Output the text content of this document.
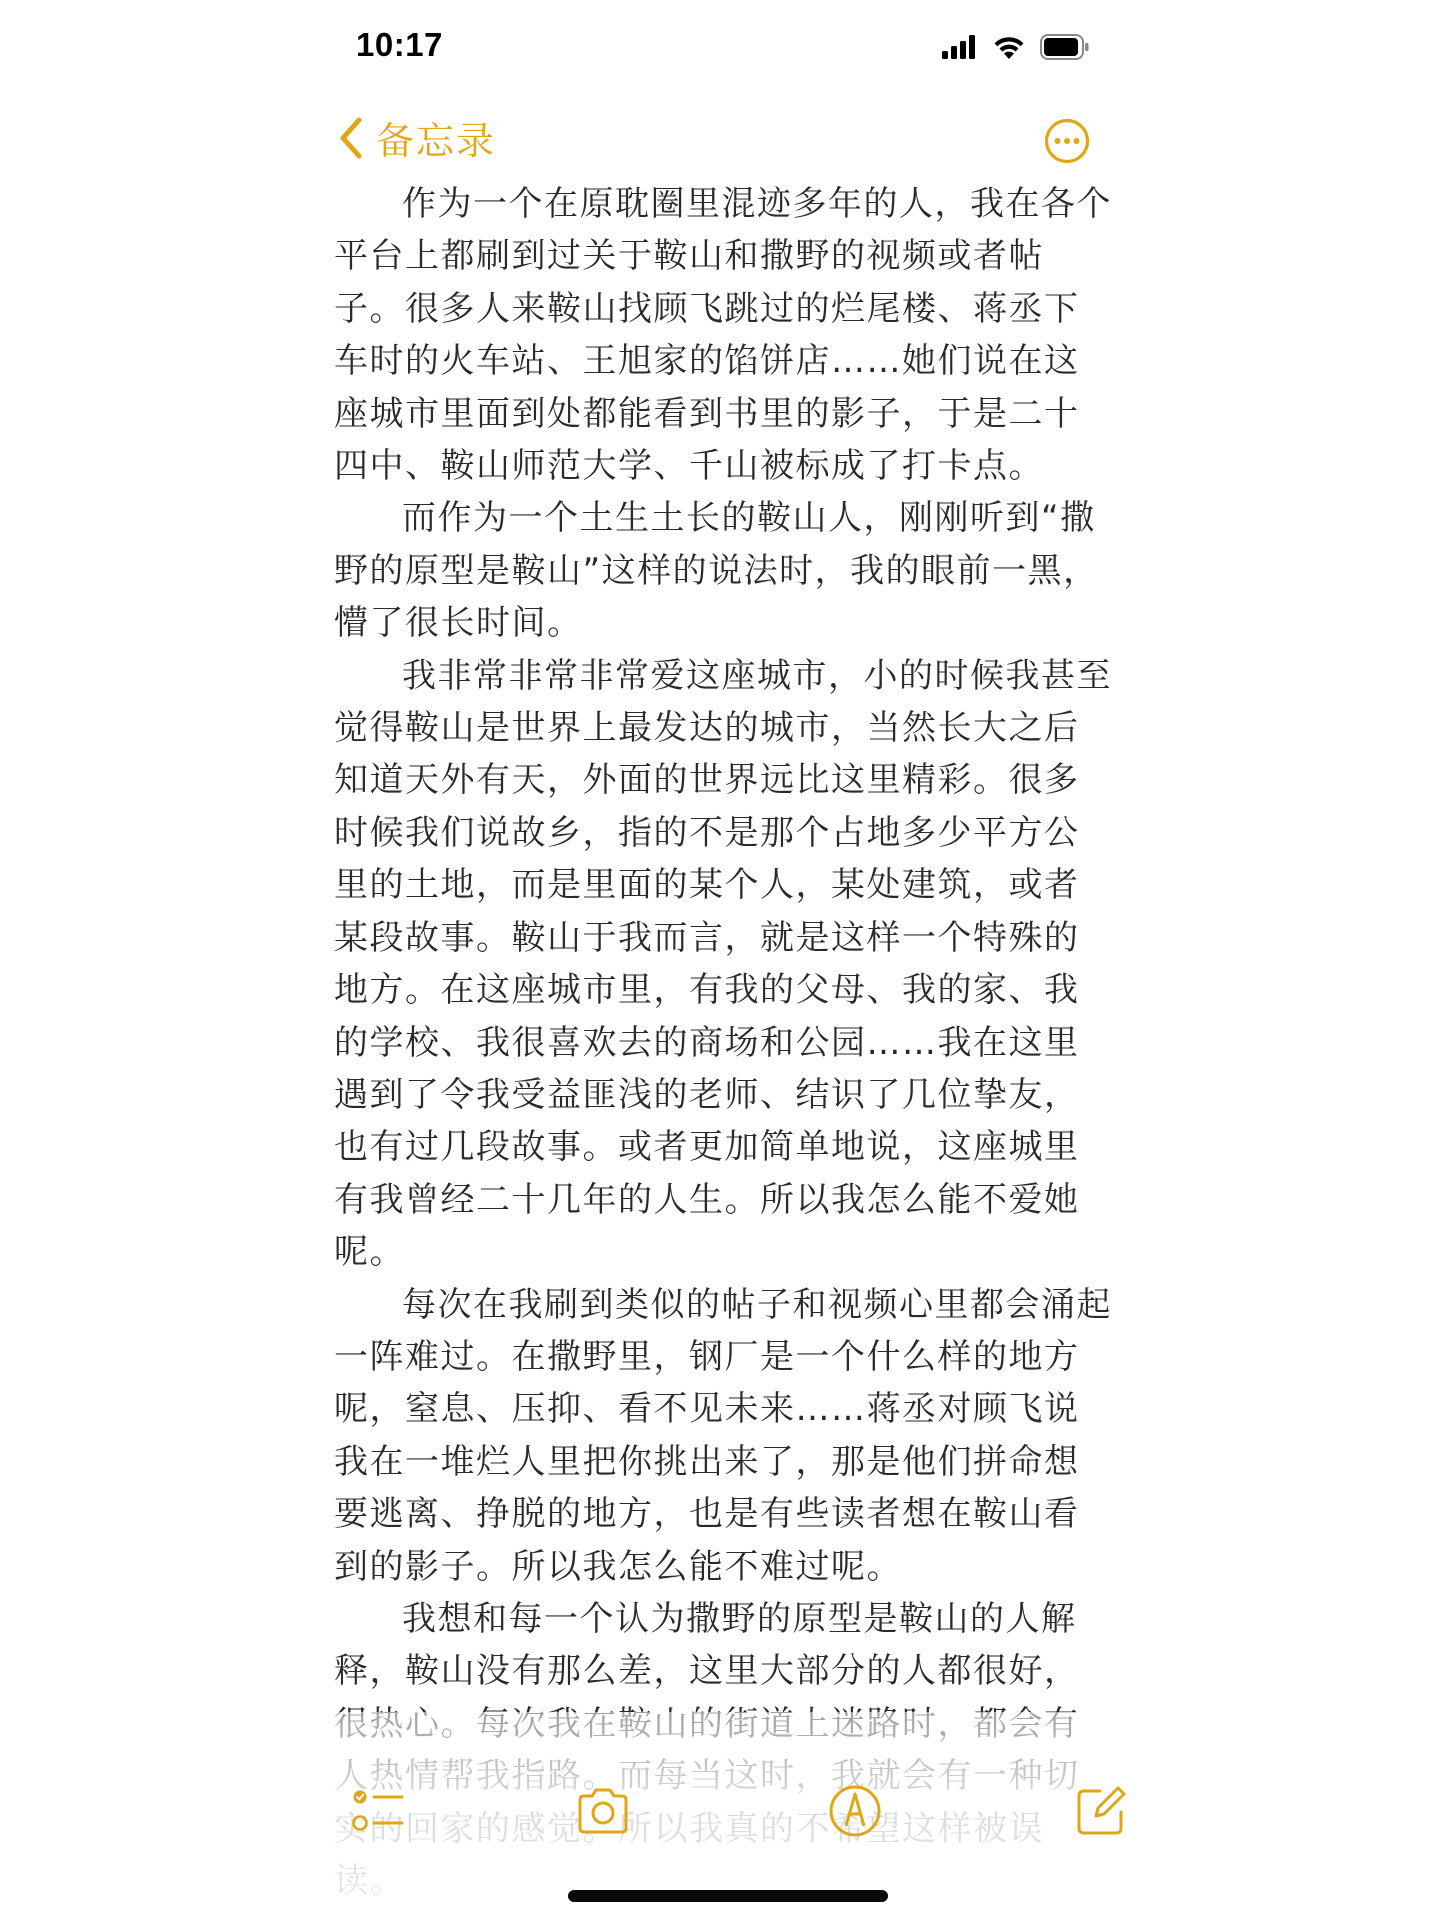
10:17
备忘录

作为一个在原耽圈里混迹多年的人，我在各个平台上都刷到过关于鞍山和撒野的视频或者帖子。很多人来鞍山找顾飞跳过的烂尾楼、蒋丞下车时的火车站、王旭家的馅饼店……她们说在这座城市里面到处都能看到书里的影子，于是二十四中、鞍山师范大学、千山被标成了打卡点。

而作为一个土生土长的鞍山人，刚刚听到“撒野的原型是鞍山”这样的说法时，我的眼前一黑，懵了很长时间。

我非常非常非常爱这座城市，小的时候我甚至觉得鞍山是世界上最发达的城市，当然长大之后知道天外有天，外面的世界远比这里精彩。很多时候我们说故乡，指的不是那个占地多少平方公里的土地，而是里面的某个人，某处建筑，或者某段故事。鞍山于我而言，就是这样一个特殊的地方。在这座城市里，有我的父母、我的家、我的学校、我很喜欢去的商场和公园……我在这里遇到了令我受益匪浅的老师、结识了几位挚友，也有过几段故事。或者更加简单地说，这座城里有我曾经二十几年的人生。所以我怎么能不爱她呢。

每次在我刷到类似的帖子和视频心里都会涌起一阵难过。在撒野里，钢厂是一个什么样的地方呢，窒息、压抑、看不见未来……蒋丞对顾飞说我在一堆烂人里把你挑出来了，那是他们拼命想要逃离、挣脱的地方，也是有些读者想在鞍山看到的影子。所以我怎么能不难过呢。

我想和每一个认为撒野的原型是鞍山的人解释，鞍山没有那么差，这里大部分的人都很好，
